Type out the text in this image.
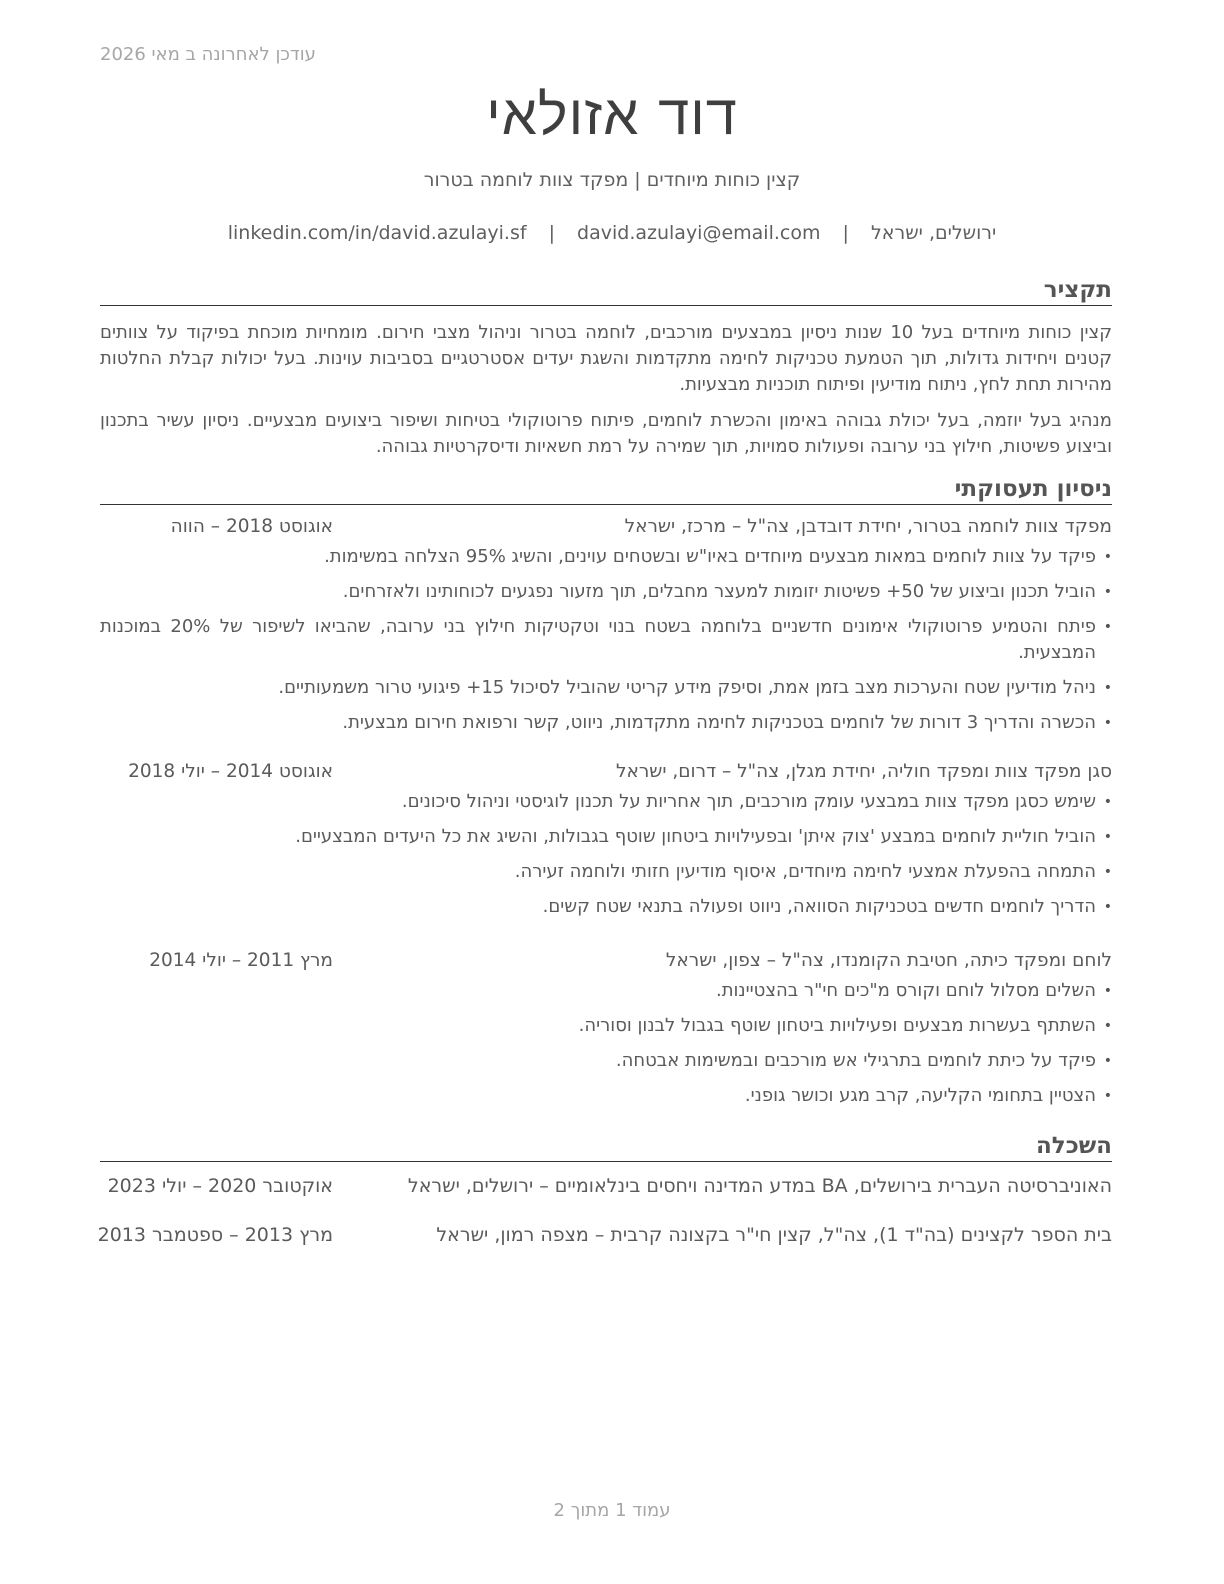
עודכן לאחרונה ב מאי 2026
דוד אזולאי
קצין כוחות מיוחדים | מפקד צוות לוחמה בטרור
ירושלים, ישראל | david.azulayi@email.com | linkedin.com/in/david.azulayi.sf
תקציר

קצין כוחות מיוחדים בעל 10 שנות ניסיון במבצעים מורכבים, לוחמה בטרור וניהול מצבי חירום. מומחיות מוכחת בפיקוד על צוותים קטנים ויחידות גדולות, תוך הטמעת טכניקות לחימה מתקדמות והשגת יעדים אסטרטגיים בסביבות עוינות. בעל יכולות קבלת החלטות מהירות תחת לחץ, ניתוח מודיעין ופיתוח תוכניות מבצעיות.

מנהיג בעל יוזמה, בעל יכולת גבוהה באימון והכשרת לוחמים, פיתוח פרוטוקולי בטיחות ושיפור ביצועים מבצעיים. ניסיון עשיר בתכנון וביצוע פשיטות, חילוץ בני ערובה ופעולות סמויות, תוך שמירה על רמת חשאיות ודיסקרטיות גבוהה.

ניסיון תעסוקתי
מפקד צוות לוחמה בטרור, יחידת דובדבן, צה"ל – מרכז, ישראל
אוגוסט 2018 – הווה
•
פיקד על צוות לוחמים במאות מבצעים מיוחדים באיו"ש ובשטחים עוינים, והשיג 95% הצלחה במשימות.
•
הוביל תכנון וביצוע של 50+ פשיטות יזומות למעצר מחבלים, תוך מזעור נפגעים לכוחותינו ולאזרחים.
•
פיתח והטמיע פרוטוקולי אימונים חדשניים בלוחמה בשטח בנוי וטקטיקות חילוץ בני ערובה, שהביאו לשיפור של 20% במוכנות המבצעית.
•
ניהל מודיעין שטח והערכות מצב בזמן אמת, וסיפק מידע קריטי שהוביל לסיכול 15+ פיגועי טרור משמעותיים.
•
הכשרה והדריך 3 דורות של לוחמים בטכניקות לחימה מתקדמות, ניווט, קשר ורפואת חירום מבצעית.
סגן מפקד צוות ומפקד חוליה, יחידת מגלן, צה"ל – דרום, ישראל
אוגוסט 2014 – יולי 2018
•
שימש כסגן מפקד צוות במבצעי עומק מורכבים, תוך אחריות על תכנון לוגיסטי וניהול סיכונים.
•
הוביל חוליית לוחמים במבצע 'צוק איתן' ובפעילויות ביטחון שוטף בגבולות, והשיג את כל היעדים המבצעיים.
•
התמחה בהפעלת אמצעי לחימה מיוחדים, איסוף מודיעין חזותי ולוחמה זעירה.
•
הדריך לוחמים חדשים בטכניקות הסוואה, ניווט ופעולה בתנאי שטח קשים.
לוחם ומפקד כיתה, חטיבת הקומנדו, צה"ל – צפון, ישראל
מרץ 2011 – יולי 2014
•
השלים מסלול לוחם וקורס מ"כים חי"ר בהצטיינות.
•
השתתף בעשרות מבצעים ופעילויות ביטחון שוטף בגבול לבנון וסוריה.
•
פיקד על כיתת לוחמים בתרגילי אש מורכבים ובמשימות אבטחה.
•
הצטיין בתחומי הקליעה, קרב מגע וכושר גופני.
השכלה
האוניברסיטה העברית בירושלים, BA במדע המדינה ויחסים בינלאומיים – ירושלים, ישראל
אוקטובר 2020 – יולי 2023
בית הספר לקצינים (בה"ד 1), צה"ל, קצין חי"ר בקצונה קרבית – מצפה רמון, ישראל
מרץ 2013 – ספטמבר 2013
עמוד 1 מתוך 2
